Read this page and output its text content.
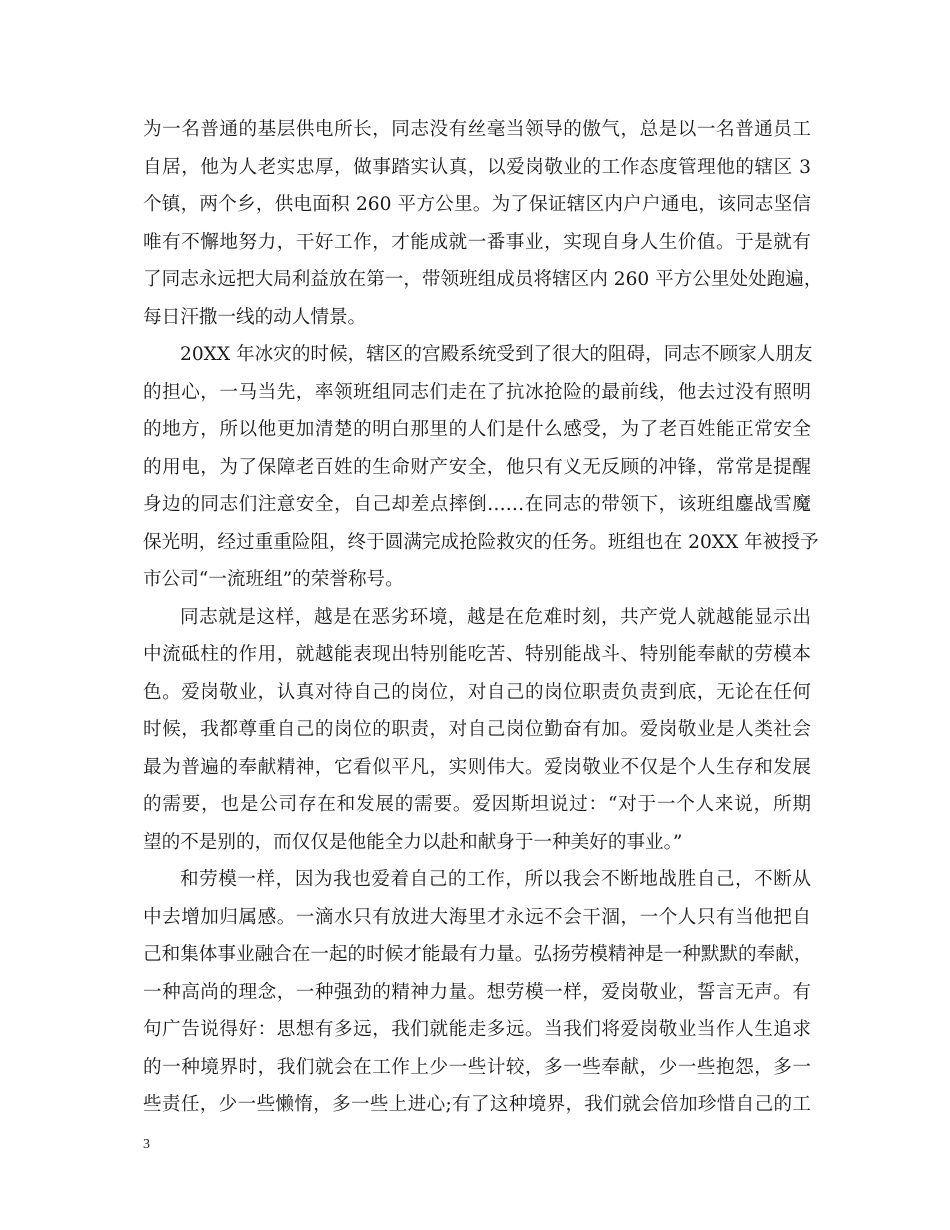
为一名普通的基层供电所长，同志没有丝毫当领导的傲气，总是以一名普通员工
自居，他为人老实忠厚，做事踏实认真，以爱岗敬业的工作态度管理他的辖区 3
个镇，两个乡，供电面积 260 平方公里。为了保证辖区内户户通电，该同志坚信
唯有不懈地努力，干好工作，才能成就一番事业，实现自身人生价值。于是就有
了同志永远把大局利益放在第一，带领班组成员将辖区内 260 平方公里处处跑遍，
每日汗撒一线的动人情景。
20XX 年冰灾的时候，辖区的宫殿系统受到了很大的阻碍，同志不顾家人朋友
的担心，一马当先，率领班组同志们走在了抗冰抢险的最前线，他去过没有照明
的地方，所以他更加清楚的明白那里的人们是什么感受，为了老百姓能正常安全
的用电，为了保障老百姓的生命财产安全，他只有义无反顾的冲锋，常常是提醒
身边的同志们注意安全，自己却差点摔倒……在同志的带领下，该班组鏖战雪魔
保光明，经过重重险阻，终于圆满完成抢险救灾的任务。班组也在 20XX 年被授予
市公司“一流班组”的荣誉称号。
同志就是这样，越是在恶劣环境，越是在危难时刻，共产党人就越能显示出
中流砥柱的作用，就越能表现出特别能吃苦、特别能战斗、特别能奉献的劳模本
色。爱岗敬业，认真对待自己的岗位，对自己的岗位职责负责到底，无论在任何
时候，我都尊重自己的岗位的职责，对自己岗位勤奋有加。爱岗敬业是人类社会
最为普遍的奉献精神，它看似平凡，实则伟大。爱岗敬业不仅是个人生存和发展
的需要，也是公司存在和发展的需要。爱因斯坦说过：“对于一个人来说，所期
望的不是别的，而仅仅是他能全力以赴和献身于一种美好的事业。”
和劳模一样，因为我也爱着自己的工作，所以我会不断地战胜自己，不断从
中去增加归属感。一滴水只有放进大海里才永远不会干涸，一个人只有当他把自
己和集体事业融合在一起的时候才能最有力量。弘扬劳模精神是一种默默的奉献，
一种高尚的理念，一种强劲的精神力量。想劳模一样，爱岗敬业，誓言无声。有
句广告说得好：思想有多远，我们就能走多远。当我们将爱岗敬业当作人生追求
的一种境界时，我们就会在工作上少一些计较，多一些奉献，少一些抱怨，多一
些责任，少一些懒惰，多一些上进心;有了这种境界，我们就会倍加珍惜自己的工
3
